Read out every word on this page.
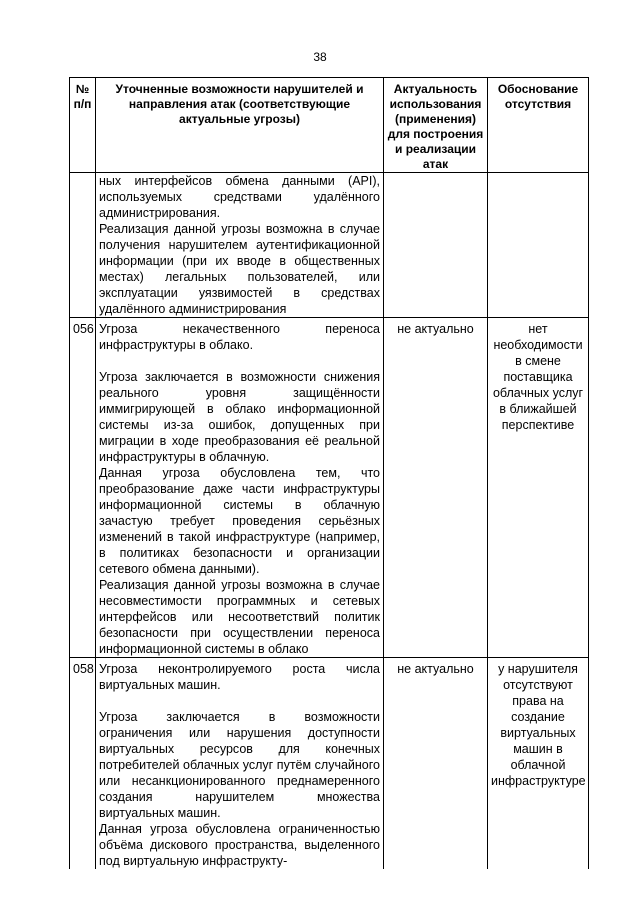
38
№ п/п	Уточненные возможности нарушителей и направления атак (соответствующие актуальные угрозы)	Актуальность использования (применения) для построения и реализации атак	Обоснование отсутствия

	ных интерфейсов обмена данными (API), используемых средствами удалённого администрирования.

Реализация данной угрозы возможна в случае получения нарушителем аутентификационной информации (при их вводе в общественных местах) легальных пользователей, или эксплуатации уязвимостей в средствах удалённого администрирования		

056	Угроза некачественного переноса инфраструктуры в облако.

Угроза заключается в возможности снижения реального уровня защищённости иммигрирующей в облако информационной системы из-за ошибок, допущенных при миграции в ходе преобразования её реальной инфраструктуры в облачную.

Данная угроза обусловлена тем, что преобразование даже части инфраструктуры информационной системы в облачную зачастую требует проведения серьёзных изменений в такой инфраструктуре (например, в политиках безопасности и организации сетевого обмена данными).

Реализация данной угрозы возможна в случае несовместимости программных и сетевых интерфейсов или несоответствий политик безопасности при осуществлении переноса информационной системы в облако	не актуально	нет необходимости в смене поставщика облачных услуг в ближайшей перспективе
058	Угроза неконтролируемого роста числа виртуальных машин.

Угроза заключается в возможности ограничения или нарушения доступности виртуальных ресурсов для конечных потребителей облачных услуг путём случайного или несанкционированного преднамеренного создания нарушителем множества виртуальных машин.

Данная угроза обусловлена ограниченностью объёма дискового пространства, выделенного под виртуальную инфраструкту-	не актуально	у нарушителя отсутствуют права на создание виртуальных машин в облачной инфраструктуре
